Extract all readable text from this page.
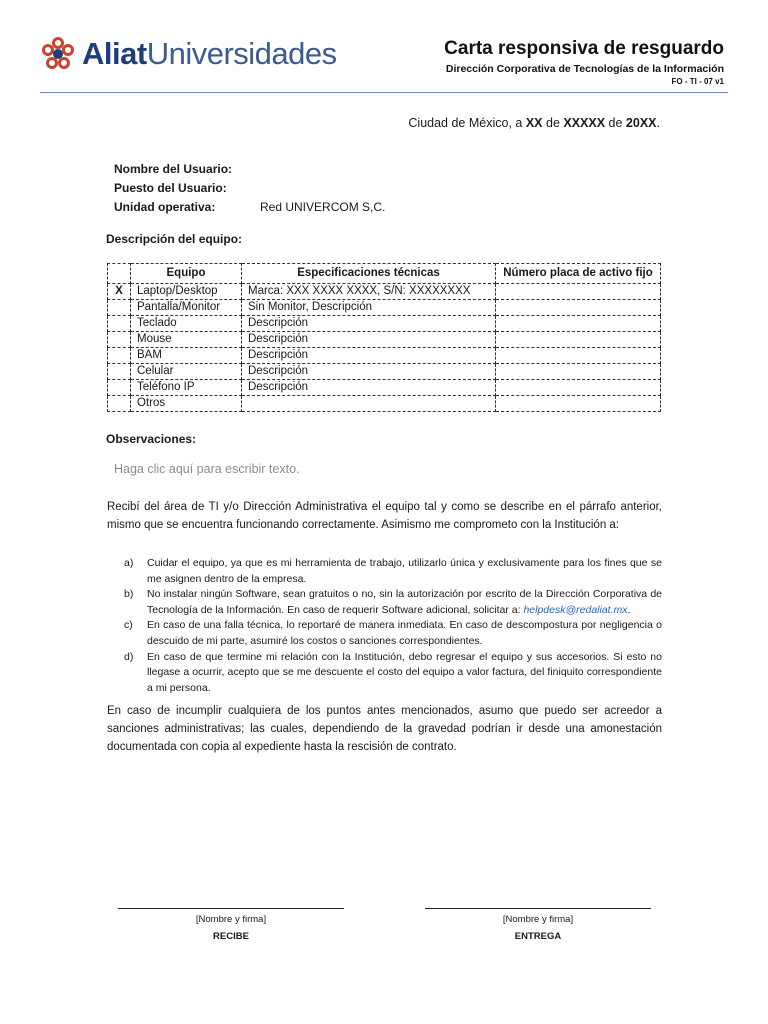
AliatUniversidades	Carta responsiva de resguardo
Dirección Corporativa de Tecnologías de la Información
FO - TI - 07 v1
Ciudad de México, a XX de XXXXX de 20XX.
Nombre del Usuario:
Puesto del Usuario:
Unidad operativa:	Red UNIVERCOM S,C.
Descripción del equipo:
	Equipo	Especificaciones técnicas	Número placa de activo fijo
X	Laptop/Desktop	Marca: XXX XXXX XXXX, S/N: XXXXXXXX	
	Pantalla/Monitor	Sin Monitor, Descripción	
	Teclado	Descripción	
	Mouse	Descripción	
	BAM	Descripción	
	Celular	Descripción	
	Teléfono IP	Descripción	
	Otros		
Observaciones:
Haga clic aquí para escribir texto.
Recibí del área de TI y/o Dirección Administrativa el equipo tal y como se describe en el párrafo anterior, mismo que se encuentra funcionando correctamente. Asimismo me comprometo con la Institución a:
a)	Cuidar el equipo, ya que es mi herramienta de trabajo, utilizarlo única y exclusivamente para los fines que se me asignen dentro de la empresa.
b)	No instalar ningún Software, sean gratuitos o no, sin la autorización por escrito de la Dirección Corporativa de Tecnología de la Información. En caso de requerir Software adicional, solicitar a: helpdesk@redaliat.mx.
c)	En caso de una falla técnica, lo reportaré de manera inmediata. En caso de descompostura por negligencia o descuido de mi parte, asumiré los costos o sanciones correspondientes.
d)	En caso de que termine mi relación con la Institución, debo regresar el equipo y sus accesorios. Si esto no llegase a ocurrir, acepto que se me descuente el costo del equipo a valor factura, del finiquito correspondiente a mi persona.
En caso de incumplir cualquiera de los puntos antes mencionados, asumo que puedo ser acreedor a sanciones administrativas; las cuales, dependiendo de la gravedad podrían ir desde una amonestación documentada con copia al expediente hasta la rescisión de contrato.
[Nombre y firma]
RECIBE
[Nombre y firma]
ENTREGA
